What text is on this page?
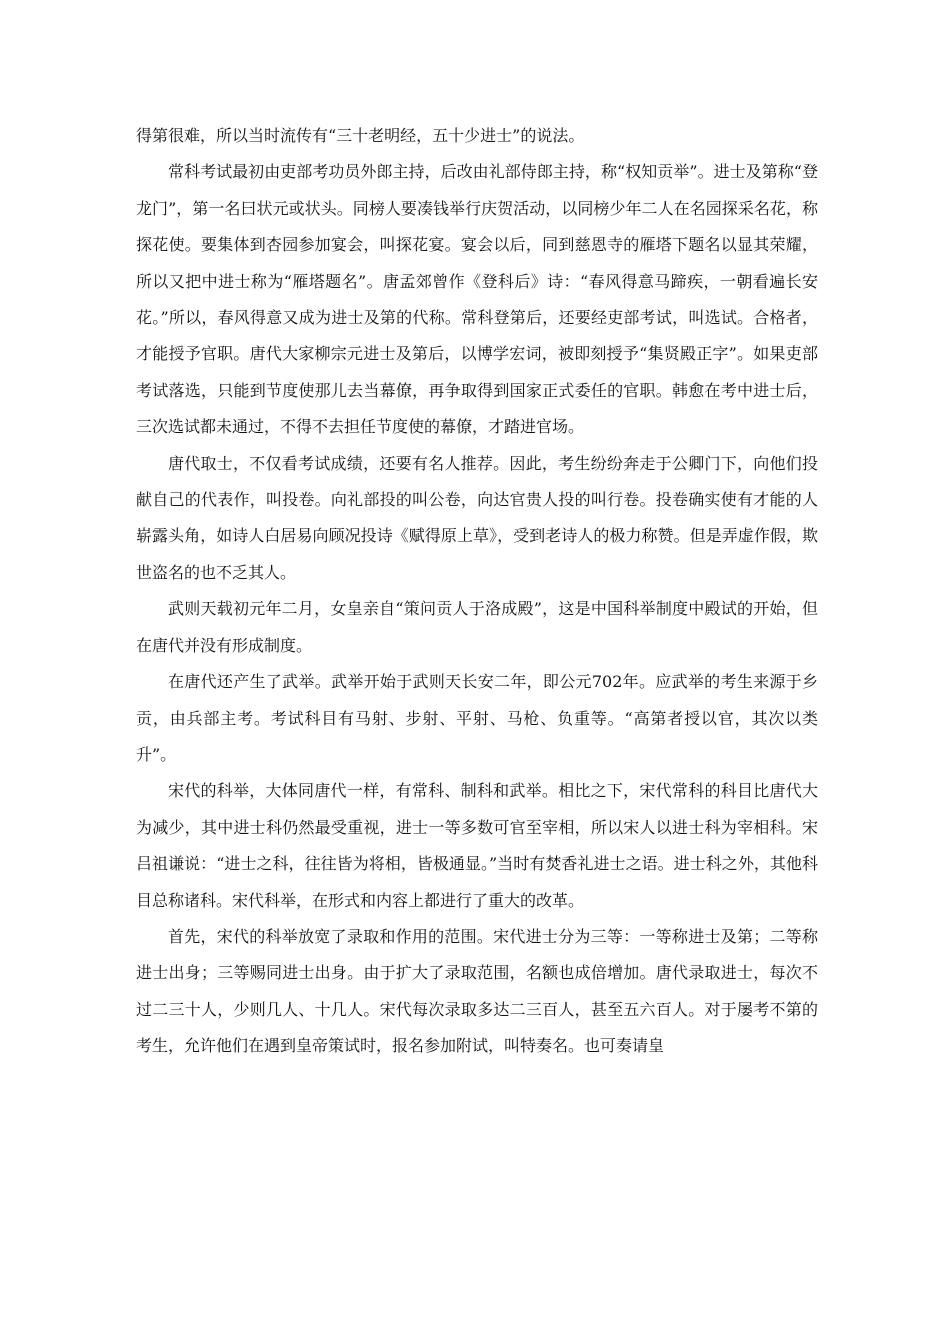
得第很难，所以当时流传有“三十老明经，五十少进士”的说法。

常科考试最初由吏部考功员外郎主持，后改由礼部侍郎主持，称“权知贡举”。进士及第称“登龙门”，第一名曰状元或状头。同榜人要凑钱举行庆贺活动，以同榜少年二人在名园探采名花，称探花使。要集体到杏园参加宴会，叫探花宴。宴会以后，同到慈恩寺的雁塔下题名以显其荣耀，所以又把中进士称为“雁塔题名”。唐孟郊曾作《登科后》诗：“春风得意马蹄疾，一朝看遍长安花。”所以，春风得意又成为进士及第的代称。常科登第后，还要经吏部考试，叫选试。合格者，才能授予官职。唐代大家柳宗元进士及第后，以博学宏词，被即刻授予“集贤殿正字”。如果吏部考试落选，只能到节度使那儿去当幕僚，再争取得到国家正式委任的官职。韩愈在考中进士后，三次选试都未通过，不得不去担任节度使的幕僚，才踏进官场。

唐代取士，不仅看考试成绩，还要有名人推荐。因此，考生纷纷奔走于公卿门下，向他们投献自己的代表作，叫投卷。向礼部投的叫公卷，向达官贵人投的叫行卷。投卷确实使有才能的人崭露头角，如诗人白居易向顾况投诗《赋得原上草》，受到老诗人的极力称赞。但是弄虚作假，欺世盗名的也不乏其人。

武则天载初元年二月，女皇亲自“策问贡人于洛成殿”，这是中国科举制度中殿试的开始，但在唐代并没有形成制度。

在唐代还产生了武举。武举开始于武则天长安二年，即公元702年。应武举的考生来源于乡贡，由兵部主考。考试科目有马射、步射、平射、马枪、负重等。“高第者授以官，其次以类升”。

宋代的科举，大体同唐代一样，有常科、制科和武举。相比之下，宋代常科的科目比唐代大为减少，其中进士科仍然最受重视，进士一等多数可官至宰相，所以宋人以进士科为宰相科。宋吕祖谦说：“进士之科，往往皆为将相，皆极通显。”当时有焚香礼进士之语。进士科之外，其他科目总称诸科。宋代科举，在形式和内容上都进行了重大的改革。

首先，宋代的科举放宽了录取和作用的范围。宋代进士分为三等：一等称进士及第；二等称进士出身；三等赐同进士出身。由于扩大了录取范围，名额也成倍增加。唐代录取进士，每次不过二三十人，少则几人、十几人。宋代每次录取多达二三百人，甚至五六百人。对于屡考不第的考生，允许他们在遇到皇帝策试时，报名参加附试，叫特奏名。也可奏请皇
